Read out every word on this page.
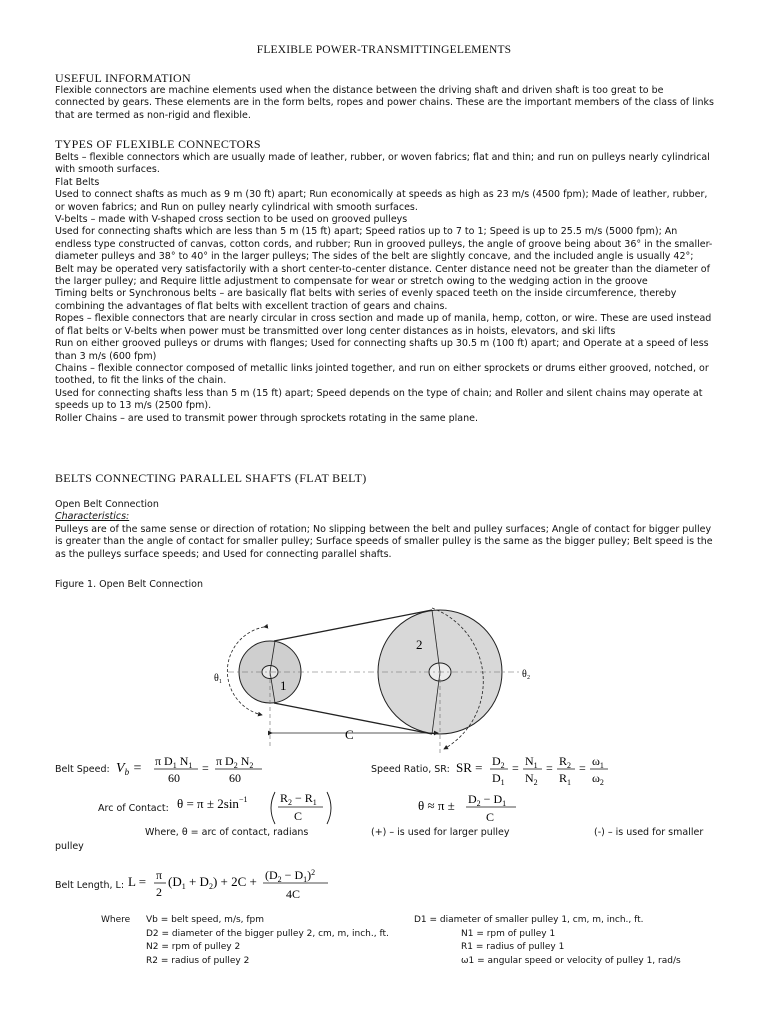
FLEXIBLE POWER-TRANSMITTINGELEMENTS
USEFUL INFORMATION

Flexible connectors are machine elements used when the distance between the driving shaft and driven shaft is too great to be connected by gears. These elements are in the form belts, ropes and power chains. These are the important members of the class of links that are termed as non-rigid and flexible.

TYPES OF FLEXIBLE CONNECTORS

Belts – flexible connectors which are usually made of leather, rubber, or woven fabrics; flat and thin; and run on pulleys nearly cylindrical with smooth surfaces.

Flat Belts

Used to connect shafts as much as 9 m (30 ft) apart; Run economically at speeds as high as 23 m/s (4500 fpm); Made of leather, rubber, or woven fabrics; and Run on pulley nearly cylindrical with smooth surfaces.

V-belts – made with V-shaped cross section to be used on grooved pulleys

Used for connecting shafts which are less than 5 m (15 ft) apart; Speed ratios up to 7 to 1; Speed is up to 25.5 m/s (5000 fpm); An endless type constructed of canvas, cotton cords, and rubber; Run in grooved pulleys, the angle of groove being about 36° in the smaller-diameter pulleys and 38° to 40° in the larger pulleys; The sides of the belt are slightly concave, and the included angle is usually 42°; Belt may be operated very satisfactorily with a short center-to-center distance. Center distance need not be greater than the diameter of the larger pulley; and Require little adjustment to compensate for wear or stretch owing to the wedging action in the groove

Timing belts or Synchronous belts – are basically flat belts with series of evenly spaced teeth on the inside circumference, thereby combining the advantages of flat belts with excellent traction of gears and chains.

Ropes – flexible connectors that are nearly circular in cross section and made up of manila, hemp, cotton, or wire. These are used instead of flat belts or V-belts when power must be transmitted over long center distances as in hoists, elevators, and ski lifts

Run on either grooved pulleys or drums with flanges; Used for connecting shafts up 30.5 m (100 ft) apart; and Operate at a speed of less than 3 m/s (600 fpm)

Chains – flexible connector composed of metallic links jointed together, and run on either sprockets or drums either grooved, notched, or toothed, to fit the links of the chain.

Used for connecting shafts less than 5 m (15 ft) apart; Speed depends on the type of chain; and Roller and silent chains may operate at speeds up to 13 m/s (2500 fpm).

Roller Chains – are used to transmit power through sprockets rotating in the same plane.

BELTS CONNECTING PARALLEL SHAFTS (FLAT BELT)

Open Belt Connection

Characteristics:

Pulleys are of the same sense or direction of rotation; No slipping between the belt and pulley surfaces; Angle of contact for bigger pulley is greater than the angle of contact for smaller pulley; Surface speeds of smaller pulley is the same as the bigger pulley; Belt speed is the as the pulleys surface speeds; and Used for connecting parallel shafts.

Figure 1. Open Belt Connection
1
2
C
θ₁	θ₂
Belt Speed: $V_b = \pi$ $D_1$ $N_1$
60
= π $D_2$ $N_2$
60
Speed Ratio, SR: SR = $D_2$
$D_1$
= $N_1$
$N_2$
= $R_2$
$R_1$
= $\omega_1$
$\omega_2$
Arc of Contact: $\theta = \pi \pm 2\sin^{-1}$	$R_2 - R_1$
C
$\theta \approx \pi \pm D_2 - D_1$
C
Where, θ = arc of contact, radians	(+) – is used for larger pulley	(-) – is used for smaller
pulley
Belt Length, L: L = π
2
$(D_1 + D_2) + 2C + (D_2 - D_1)^2$
4C
Where Vb = belt speed, m/s, fpm

D2 = diameter of the bigger pulley 2, cm, m, inch., ft.

N2 = rpm of pulley 2

R2 = radius of pulley 2

D1 = diameter of smaller pulley 1, cm, m, inch., ft.

N1 = rpm of pulley 1

R1 = radius of pulley 1

ω1 = angular speed or velocity of pulley 1, rad/s
